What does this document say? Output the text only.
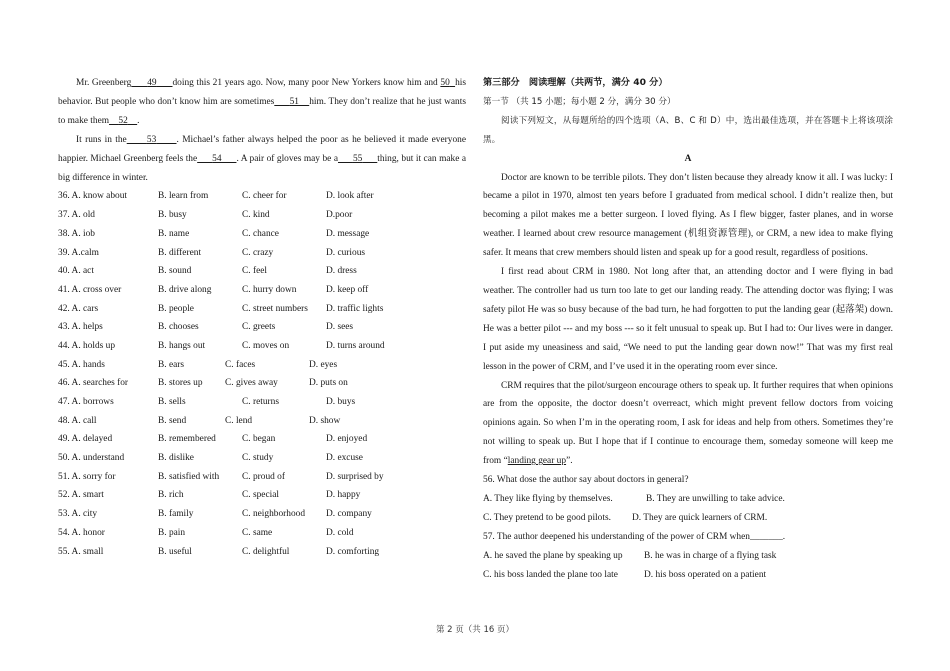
Mr. Greenberg 49 doing this 21 years ago. Now, many poor New Yorkers know him and 50 his behavior. But people who don’t know him are sometimes 51 him. They don’t realize that he just wants to make them 52 .

It runs in the 53 . Michael’s father always helped the poor as he believed it made everyone happier. Michael Greenberg feels the 54 . A pair of gloves may be a 55 thing, but it can make a big difference in winter.

36. A. know about	B. learn from	C. cheer for	D. look after
37. A. old	B. busy	C. kind	D.poor
38. A. iob	B. name	C. chance	D. message
39. A.calm	B. different	C. crazy	D. curious
40. A. act	B. sound	C. feel	D. dress
41. A. cross over	B. drive along	C. hurry down	D. keep off
42. A. cars	B. people	C. street numbers D. traffic lights
43. A. helps	B. chooses	C. greets	D. sees
44. A. holds up	B. hangs out	C. moves on	D. turns around
45. A. hands	B. ears	C. faces	D. eyes
46. A. searches for	B. stores up C. gives away	D. puts on
47. A. borrows	B. sells	C. returns	D. buys
48. A. call	B. send	C. lend	D. show
49. A. delayed	B. remembered	C. began	D. enjoyed
50. A. understand	B. dislike	C. study	D. excuse
51. A. sorry for	B. satisfied with C. proud of	D. surprised by
52. A. smart	B. rich	C. special	D. happy
53. A. city	B. family	C. neighborhood D. company
54. A. honor	B. pain	C. same	D. cold
55. A. small	B. useful	C. delightful	D. comforting

第三部分　阅读理解（共两节，满分 40 分）

第一节 （共 15 小题；每小题 2 分，满分 30 分）

阅读下列短文，从每题所给的四个选项（A、B、C 和 D）中，选出最佳选项，并在答题卡上将该项涂黑。

A

Doctor are known to be terrible pilots. They don’t listen because they already know it all. I was lucky: I became a pilot in 1970, almost ten years before I graduated from medical school. I didn’t realize then, but becoming a pilot makes me a better surgeon. I loved flying. As I flew bigger, faster planes, and in worse weather. I learned about crew resource management (机组资源管理), or CRM, a new idea to make flying safer. It means that crew members should listen and speak up for a good result, regardless of positions.

I first read about CRM in 1980. Not long after that, an attending doctor and I were flying in bad weather. The controller had us turn too late to get our landing ready. The attending doctor was flying; I was safety pilot He was so busy because of the bad turn, he had forgotten to put the landing gear (起落架) down. He was a better pilot --- and my boss --- so it felt unusual to speak up. But I had to: Our lives were in danger. I put aside my uneasiness and said, “We need to put the landing gear down now!” That was my first real lesson in the power of CRM, and I’ve used it in the operating room ever since.

CRM requires that the pilot/surgeon encourage others to speak up. It further requires that when opinions are from the opposite, the doctor doesn’t overreact, which might prevent fellow doctors from voicing opinions again. So when I’m in the operating room, I ask for ideas and help from others. Sometimes they’re not willing to speak up. But I hope that if I continue to encourage them, someday someone will keep me from “landing gear up”.

56. What dose the author say about doctors in general?

A. They like flying by themselves.	B. They are unwilling to take advice.
C. They pretend to be good pilots. D. They are quick learners of CRM.

57. The author deepened his understanding of the power of CRM when_______.

A. he saved the plane by speaking up B. he was in charge of a flying task
C. his boss landed the plane too late	D. his boss operated on a patient
第 2 页（共 16 页）
